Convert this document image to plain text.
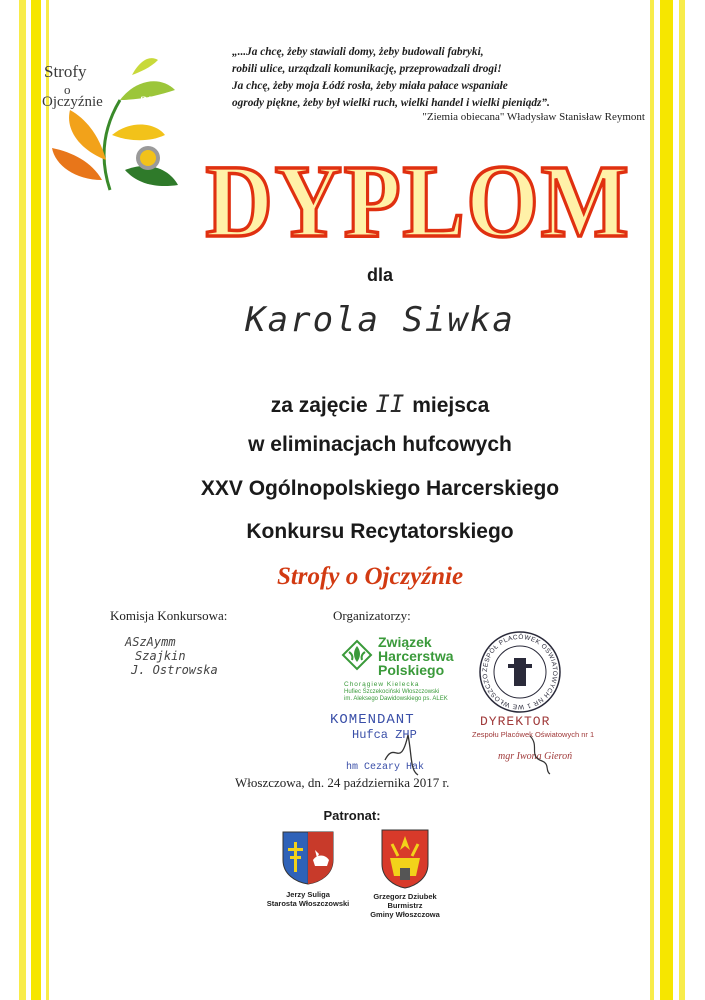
Strofy
o
Ojczyźnie 25
„...Ja chcę, żeby stawiali domy, żeby budowali fabryki,
robili ulice, urządzali komunikację, przeprowadzali drogi!
Ja chcę, żeby moja Łódź rosła, żeby miała pałace wspaniałe
ogrody piękne, żeby był wielki ruch, wielki handel i wielki pieniądz”.
"Ziemia obiecana" Władysław Stanisław Reymont
DYPLOM
dla
Karola Siwka
za zajęcie II miejsca
w eliminacjach hufcowych
XXV Ogólnopolskiego Harcerskiego
Konkursu Recytatorskiego
Strofy o Ojczyźnie
Komisja Konkursowa:
ASzAymm
Szajkin
J. Ostrowska
Organizatorzy:
Związek
Harcerstwa
Polskiego
Chorągiew Kielecka
Hufiec Szczekociński Włoszczowski
im. Aleksego Dawidowskiego ps. ALEK
ZESPÓŁ PLACÓWEK OŚWIATOWYCH NR 1 WE WŁOSZCZO
KOMENDANT
Hufca ZHP
hm Cezary Hak
DYREKTOR
Zespołu Placówek Oświatowych nr 1
mgr Iwona Gieroń
Włoszczowa, dn. 24 października 2017 r.
Patronat:
Jerzy Suliga
Starosta Włoszczowski
Grzegorz Dziubek
Burmistrz
Gminy Włoszczowa
